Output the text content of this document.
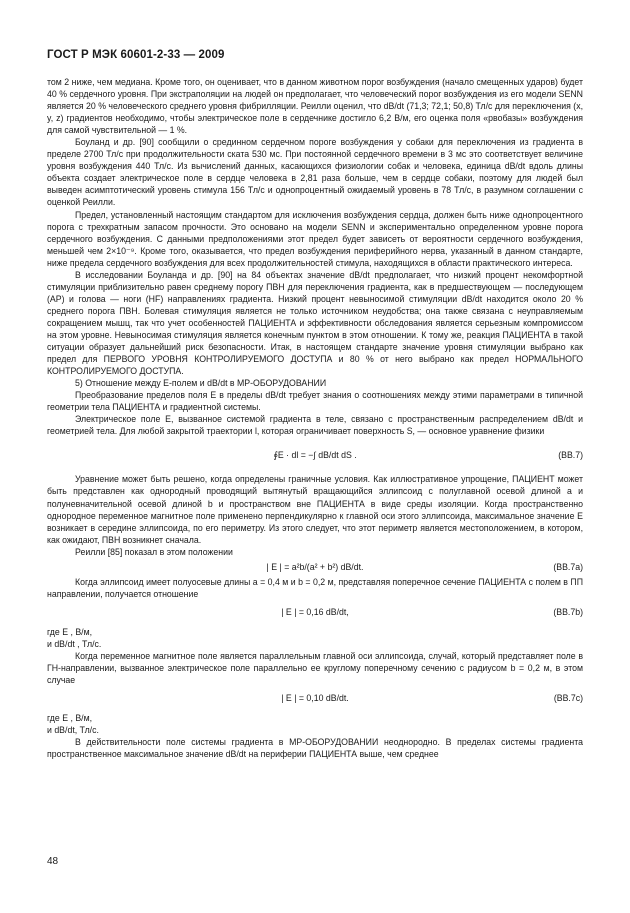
ГОСТ Р МЭК 60601-2-33 — 2009

том 2 ниже, чем медиана. Кроме того, он оценивает, что в данном животном порог возбуждения (начало смещенных ударов) будет 40 % сердечного уровня. При экстраполяции на людей он предполагает, что человеческий порог возбуждения из его модели SENN является 20 % человеческого среднего уровня фибрилляции. Реилли оценил, что dB/dt (71,3; 72,1; 50,8) Тл/с для переключения (x, y, z) градиентов необходимо, чтобы электрическое поле в сердечнике достигло 6,2 В/м, его оценка поля «рвобазы» возбуждения для самой чувствительной — 1 %.

Боуланд и др. [90] сообщили о срединном сердечном пороге возбуждения у собаки для переключения из градиента в пределе 2700 Тл/с при продолжительности ската 530 мс. При постоянной сердечного времени в 3 мс это соответствует величине уровня возбуждения 440 Тл/с. Из вычислений данных, касающихся физиологии собак и человека, единица dB/dt вдоль длины объекта создает электрическое поле в сердце человека в 2,81 раза больше, чем в сердце собаки, поэтому для людей был выведен асимптотический уровень стимула 156 Тл/с и однопроцентный ожидаемый уровень в 78 Тл/с, в разумном соглашении с оценкой Реилли.

Предел, установленный настоящим стандартом для исключения возбуждения сердца, должен быть ниже однопроцентного порога с трехкратным запасом прочности. Это основано на модели SENN и экспериментально определенном уровне порога сердечного возбуждения. С данными предположениями этот предел будет зависеть от вероятности сердечного возбуждения, меньшей чем 2×10⁻⁹. Кроме того, оказывается, что предел возбуждения периферийного нерва, указанный в данном стандарте, ниже предела сердечного возбуждения для всех продолжительностей стимула, находящихся в области практического интереса.

В исследовании Боуланда и др. [90] на 84 объектах значение dB/dt предполагает, что низкий процент некомфортной стимуляции приблизительно равен среднему порогу ПВН для переключения градиента, как в предшествующем — последующем (AP) и голова — ноги (HF) направлениях градиента. Низкий процент невыносимой стимуляции dB/dt находится около 20 % среднего порога ПВН. Болевая стимуляция является не только источником неудобства; она также связана с неуправляемым сокращением мышц, так что учет особенностей ПАЦИЕНТА и эффективности обследования является серьезным компромиссом на этом уровне. Невыносимая стимуляция является конечным пунктом в этом отношении. К тому же, реакция ПАЦИЕНТА в такой ситуации образует дальнейший риск безопасности. Итак, в настоящем стандарте значение уровня стимуляции выбрано как предел для ПЕРВОГО УРОВНЯ КОНТРОЛИРУЕМОГО ДОСТУПА и 80 % от него выбрано как предел НОРМАЛЬНОГО КОНТРОЛИРУЕМОГО ДОСТУПА.

5) Отношение между E-полем и dB/dt в МР-ОБОРУДОВАНИИ

Преобразование пределов поля E в пределы dB/dt требует знания о соотношениях между этими параметрами в типичной геометрии тела ПАЦИЕНТА и градиентной системы.

Электрическое поле E, вызванное системой градиента в теле, связано с пространственным распределением dB/dt и геометрией тела. Для любой закрытой траектории l, которая ограничивает поверхность S, — основное уравнение физики

∮E · dl = −∫ dB/dt dS .	(BB.7)

Уравнение может быть решено, когда определены граничные условия. Как иллюстративное упрощение, ПАЦИЕНТ может быть представлен как однородный проводящий вытянутый вращающийся эллипсоид с полуглавной осевой длиной a и полуневначительной осевой длиной b и пространством вне ПАЦИЕНТА в виде среды изоляции. Когда пространственно однородное переменное магнитное поле применено перпендикулярно к главной оси этого эллипсоида, максимальное значение E возникает в середине эллипсоида, по его периметру. Из этого следует, что этот периметр является местоположением, в котором, как ожидают, ПВН возникнет сначала.

Реилли [85] показал в этом положении

| E | = a²b/(a² + b²) dB/dt.	(BB.7a)

Когда эллипсоид имеет полуосевые длины a = 0,4 м и b = 0,2 м, представляя поперечное сечение ПАЦИЕНТА с полем в ПП направлении, получается отношение

| E | = 0,16 dB/dt,	(BB.7b)

где E , В/м,

и dB/dt , Тл/с.

Когда переменное магнитное поле является параллельным главной оси эллипсоида, случай, который представляет поле в ГН-направлении, вызванное электрическое поле параллельно ее круглому поперечному сечению с радиусом b = 0,2 м, в этом случае

| E | = 0,10 dB/dt.	(BB.7c)

где E , В/м,

и dB/dt, Тл/с.

В действительности поле системы градиента в МР-ОБОРУДОВАНИИ неоднородно. В пределах системы градиента пространственное максимальное значение dB/dt на периферии ПАЦИЕНТА выше, чем среднее

48
